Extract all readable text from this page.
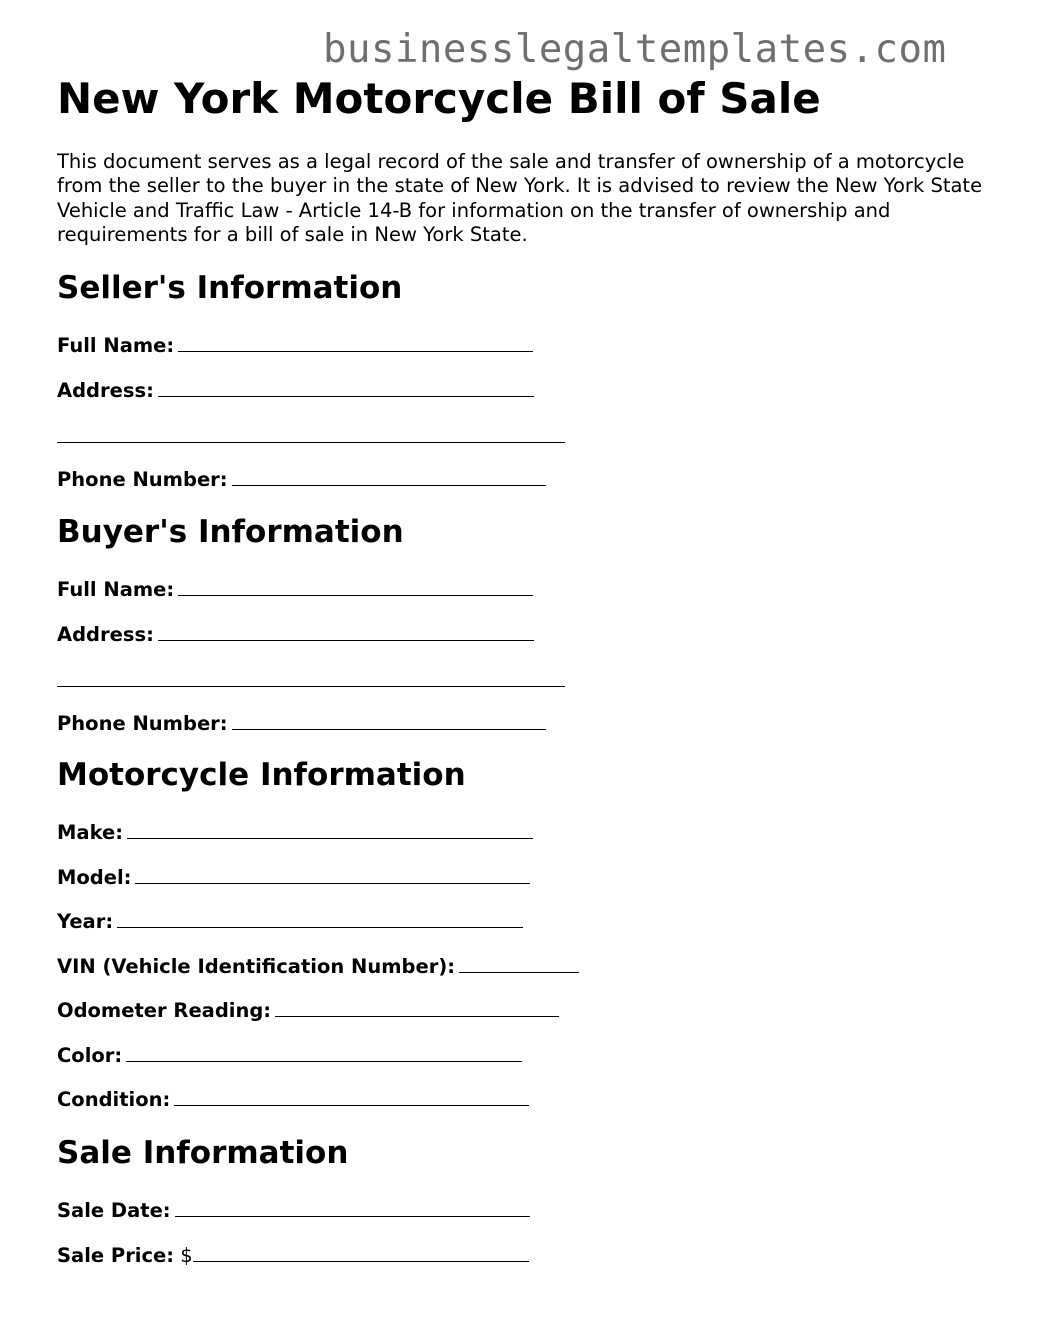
businesslegaltemplates.com
New York Motorcycle Bill of Sale

This document serves as a legal record of the sale and transfer of ownership of a motorcycle from the seller to the buyer in the state of New York. It is advised to review the New York State Vehicle and Traffic Law - Article 14-B for information on the transfer of ownership and requirements for a bill of sale in New York State.

Seller's Information
Full Name:
Address:
Phone Number:
Buyer's Information
Full Name:
Address:
Phone Number:
Motorcycle Information
Make:
Model:
Year:
VIN (Vehicle Identification Number):
Odometer Reading:
Color:
Condition:
Sale Information
Sale Date:
Sale Price: $
